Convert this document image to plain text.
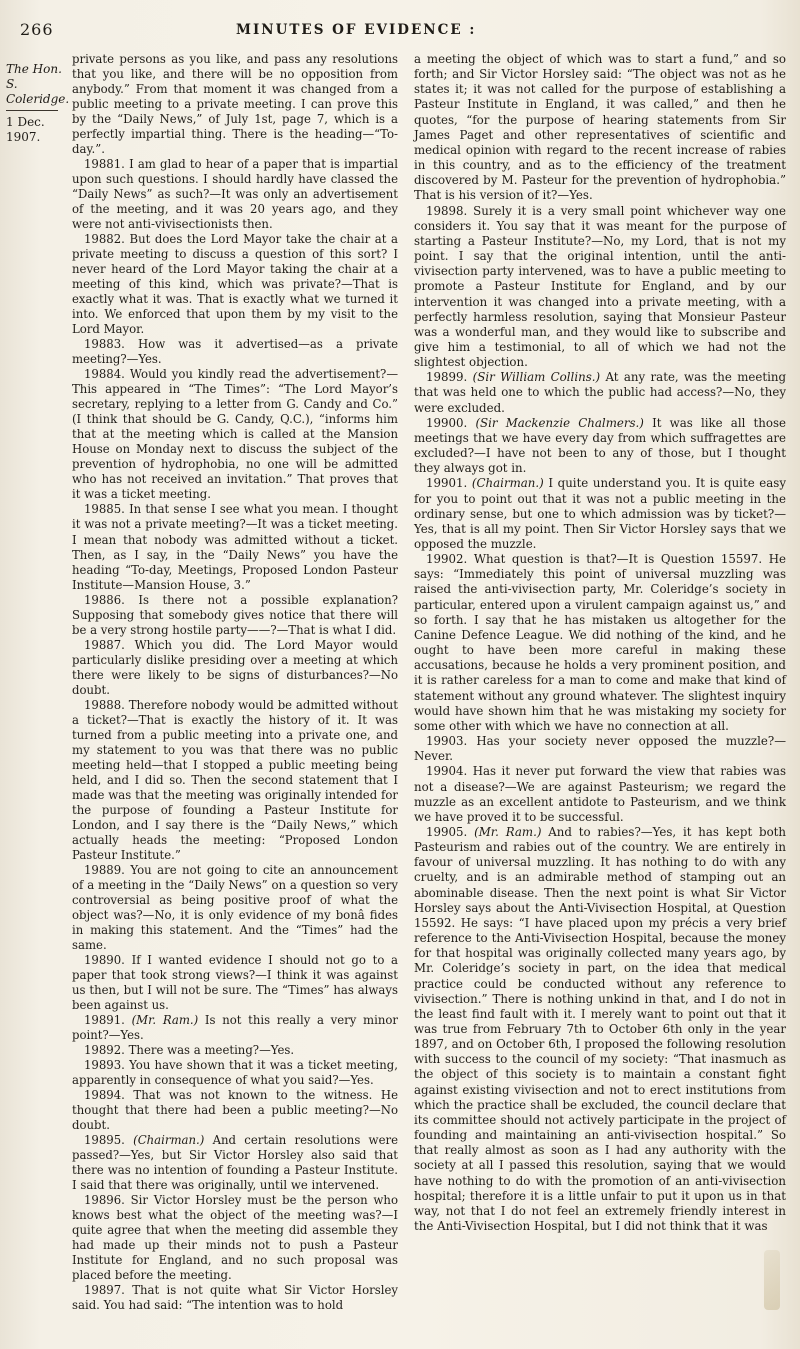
266	MINUTES OF EVIDENCE :
The Hon. S. Coleridge.
1 Dec. 1907.

private persons as you like, and pass any resolutions that you like, and there will be no opposition from anybody.” From that moment it was changed from a public meeting to a private meeting. I can prove this by the “Daily News,” of July 1st, page 7, which is a perfectly impartial thing. There is the heading—“To-day.”.

19881. I am glad to hear of a paper that is impartial upon such questions. I should hardly have classed the “Daily News” as such?—It was only an advertisement of the meeting, and it was 20 years ago, and they were not anti-vivisectionists then.

19882. But does the Lord Mayor take the chair at a private meeting to discuss a question of this sort? I never heard of the Lord Mayor taking the chair at a meeting of this kind, which was private?—That is exactly what it was. That is exactly what we turned it into. We enforced that upon them by my visit to the Lord Mayor.

19883. How was it advertised—as a private meeting?—Yes.

19884. Would you kindly read the advertisement?—This appeared in “The Times”: “The Lord Mayor’s secretary, replying to a letter from G. Candy and Co.” (I think that should be G. Candy, Q.C.), “informs him that at the meeting which is called at the Mansion House on Monday next to discuss the subject of the prevention of hydrophobia, no one will be admitted who has not received an invitation.” That proves that it was a ticket meeting.

19885. In that sense I see what you mean. I thought it was not a private meeting?—It was a ticket meeting. I mean that nobody was admitted without a ticket. Then, as I say, in the “Daily News” you have the heading “To-day, Meetings, Proposed London Pasteur Institute—Mansion House, 3.”

19886. Is there not a possible explanation? Supposing that somebody gives notice that there will be a very strong hostile party——?—That is what I did.

19887. Which you did. The Lord Mayor would particularly dislike presiding over a meeting at which there were likely to be signs of disturbances?—No doubt.

19888. Therefore nobody would be admitted without a ticket?—That is exactly the history of it. It was turned from a public meeting into a private one, and my statement to you was that there was no public meeting held—that I stopped a public meeting being held, and I did so. Then the second statement that I made was that the meeting was originally intended for the purpose of founding a Pasteur Institute for London, and I say there is the “Daily News,” which actually heads the meeting: “Proposed London Pasteur Institute.”

19889. You are not going to cite an announcement of a meeting in the “Daily News” on a question so very controversial as being positive proof of what the object was?—No, it is only evidence of my bonâ fides in making this statement. And the “Times” had the same.

19890. If I wanted evidence I should not go to a paper that took strong views?—I think it was against us then, but I will not be sure. The “Times” has always been against us.

19891. (Mr. Ram.) Is not this really a very minor point?—Yes.

19892. There was a meeting?—Yes.

19893. You have shown that it was a ticket meeting, apparently in consequence of what you said?—Yes.

19894. That was not known to the witness. He thought that there had been a public meeting?—No doubt.

19895. (Chairman.) And certain resolutions were passed?—Yes, but Sir Victor Horsley also said that there was no intention of founding a Pasteur Institute. I said that there was originally, until we intervened.

19896. Sir Victor Horsley must be the person who knows best what the object of the meeting was?—I quite agree that when the meeting did assemble they had made up their minds not to push a Pasteur Institute for England, and no such proposal was placed before the meeting.

19897. That is not quite what Sir Victor Horsley said. You had said: “The intention was to hold

a meeting the object of which was to start a fund,” and so forth; and Sir Victor Horsley said: “The object was not as he states it; it was not called for the purpose of establishing a Pasteur Institute in England, it was called,” and then he quotes, “for the purpose of hearing statements from Sir James Paget and other representatives of scientific and medical opinion with regard to the recent increase of rabies in this country, and as to the efficiency of the treatment discovered by M. Pasteur for the prevention of hydrophobia.” That is his version of it?—Yes.

19898. Surely it is a very small point whichever way one considers it. You say that it was meant for the purpose of starting a Pasteur Institute?—No, my Lord, that is not my point. I say that the original intention, until the anti-vivisection party intervened, was to have a public meeting to promote a Pasteur Institute for England, and by our intervention it was changed into a private meeting, with a perfectly harmless resolution, saying that Monsieur Pasteur was a wonderful man, and they would like to subscribe and give him a testimonial, to all of which we had not the slightest objection.

19899. (Sir William Collins.) At any rate, was the meeting that was held one to which the public had access?—No, they were excluded.

19900. (Sir Mackenzie Chalmers.) It was like all those meetings that we have every day from which suffragettes are excluded?—I have not been to any of those, but I thought they always got in.

19901. (Chairman.) I quite understand you. It is quite easy for you to point out that it was not a public meeting in the ordinary sense, but one to which admission was by ticket?—Yes, that is all my point. Then Sir Victor Horsley says that we opposed the muzzle.

19902. What question is that?—It is Question 15597. He says: “Immediately this point of universal muzzling was raised the anti-vivisection party, Mr. Coleridge’s society in particular, entered upon a virulent campaign against us,” and so forth. I say that he has mistaken us altogether for the Canine Defence League. We did nothing of the kind, and he ought to have been more careful in making these accusations, because he holds a very prominent position, and it is rather careless for a man to come and make that kind of statement without any ground whatever. The slightest inquiry would have shown him that he was mistaking my society for some other with which we have no connection at all.

19903. Has your society never opposed the muzzle?—Never.

19904. Has it never put forward the view that rabies was not a disease?—We are against Pasteurism; we regard the muzzle as an excellent antidote to Pasteurism, and we think we have proved it to be successful.

19905. (Mr. Ram.) And to rabies?—Yes, it has kept both Pasteurism and rabies out of the country. We are entirely in favour of universal muzzling. It has nothing to do with any cruelty, and is an admirable method of stamping out an abominable disease. Then the next point is what Sir Victor Horsley says about the Anti-Vivisection Hospital, at Question 15592. He says: “I have placed upon my précis a very brief reference to the Anti-Vivisection Hospital, because the money for that hospital was originally collected many years ago, by Mr. Coleridge’s society in part, on the idea that medical practice could be conducted without any reference to vivisection.” There is nothing unkind in that, and I do not in the least find fault with it. I merely want to point out that it was true from February 7th to October 6th only in the year 1897, and on October 6th, I proposed the following resolution with success to the council of my society: “That inasmuch as the object of this society is to maintain a constant fight against existing vivisection and not to erect institutions from which the practice shall be excluded, the council declare that its committee should not actively participate in the project of founding and maintaining an anti-vivisection hospital.” So that really almost as soon as I had any authority with the society at all I passed this resolution, saying that we would have nothing to do with the promotion of an anti-vivisection hospital; therefore it is a little unfair to put it upon us in that way, not that I do not feel an extremely friendly interest in the Anti-Vivisection Hospital, but I did not think that it was
